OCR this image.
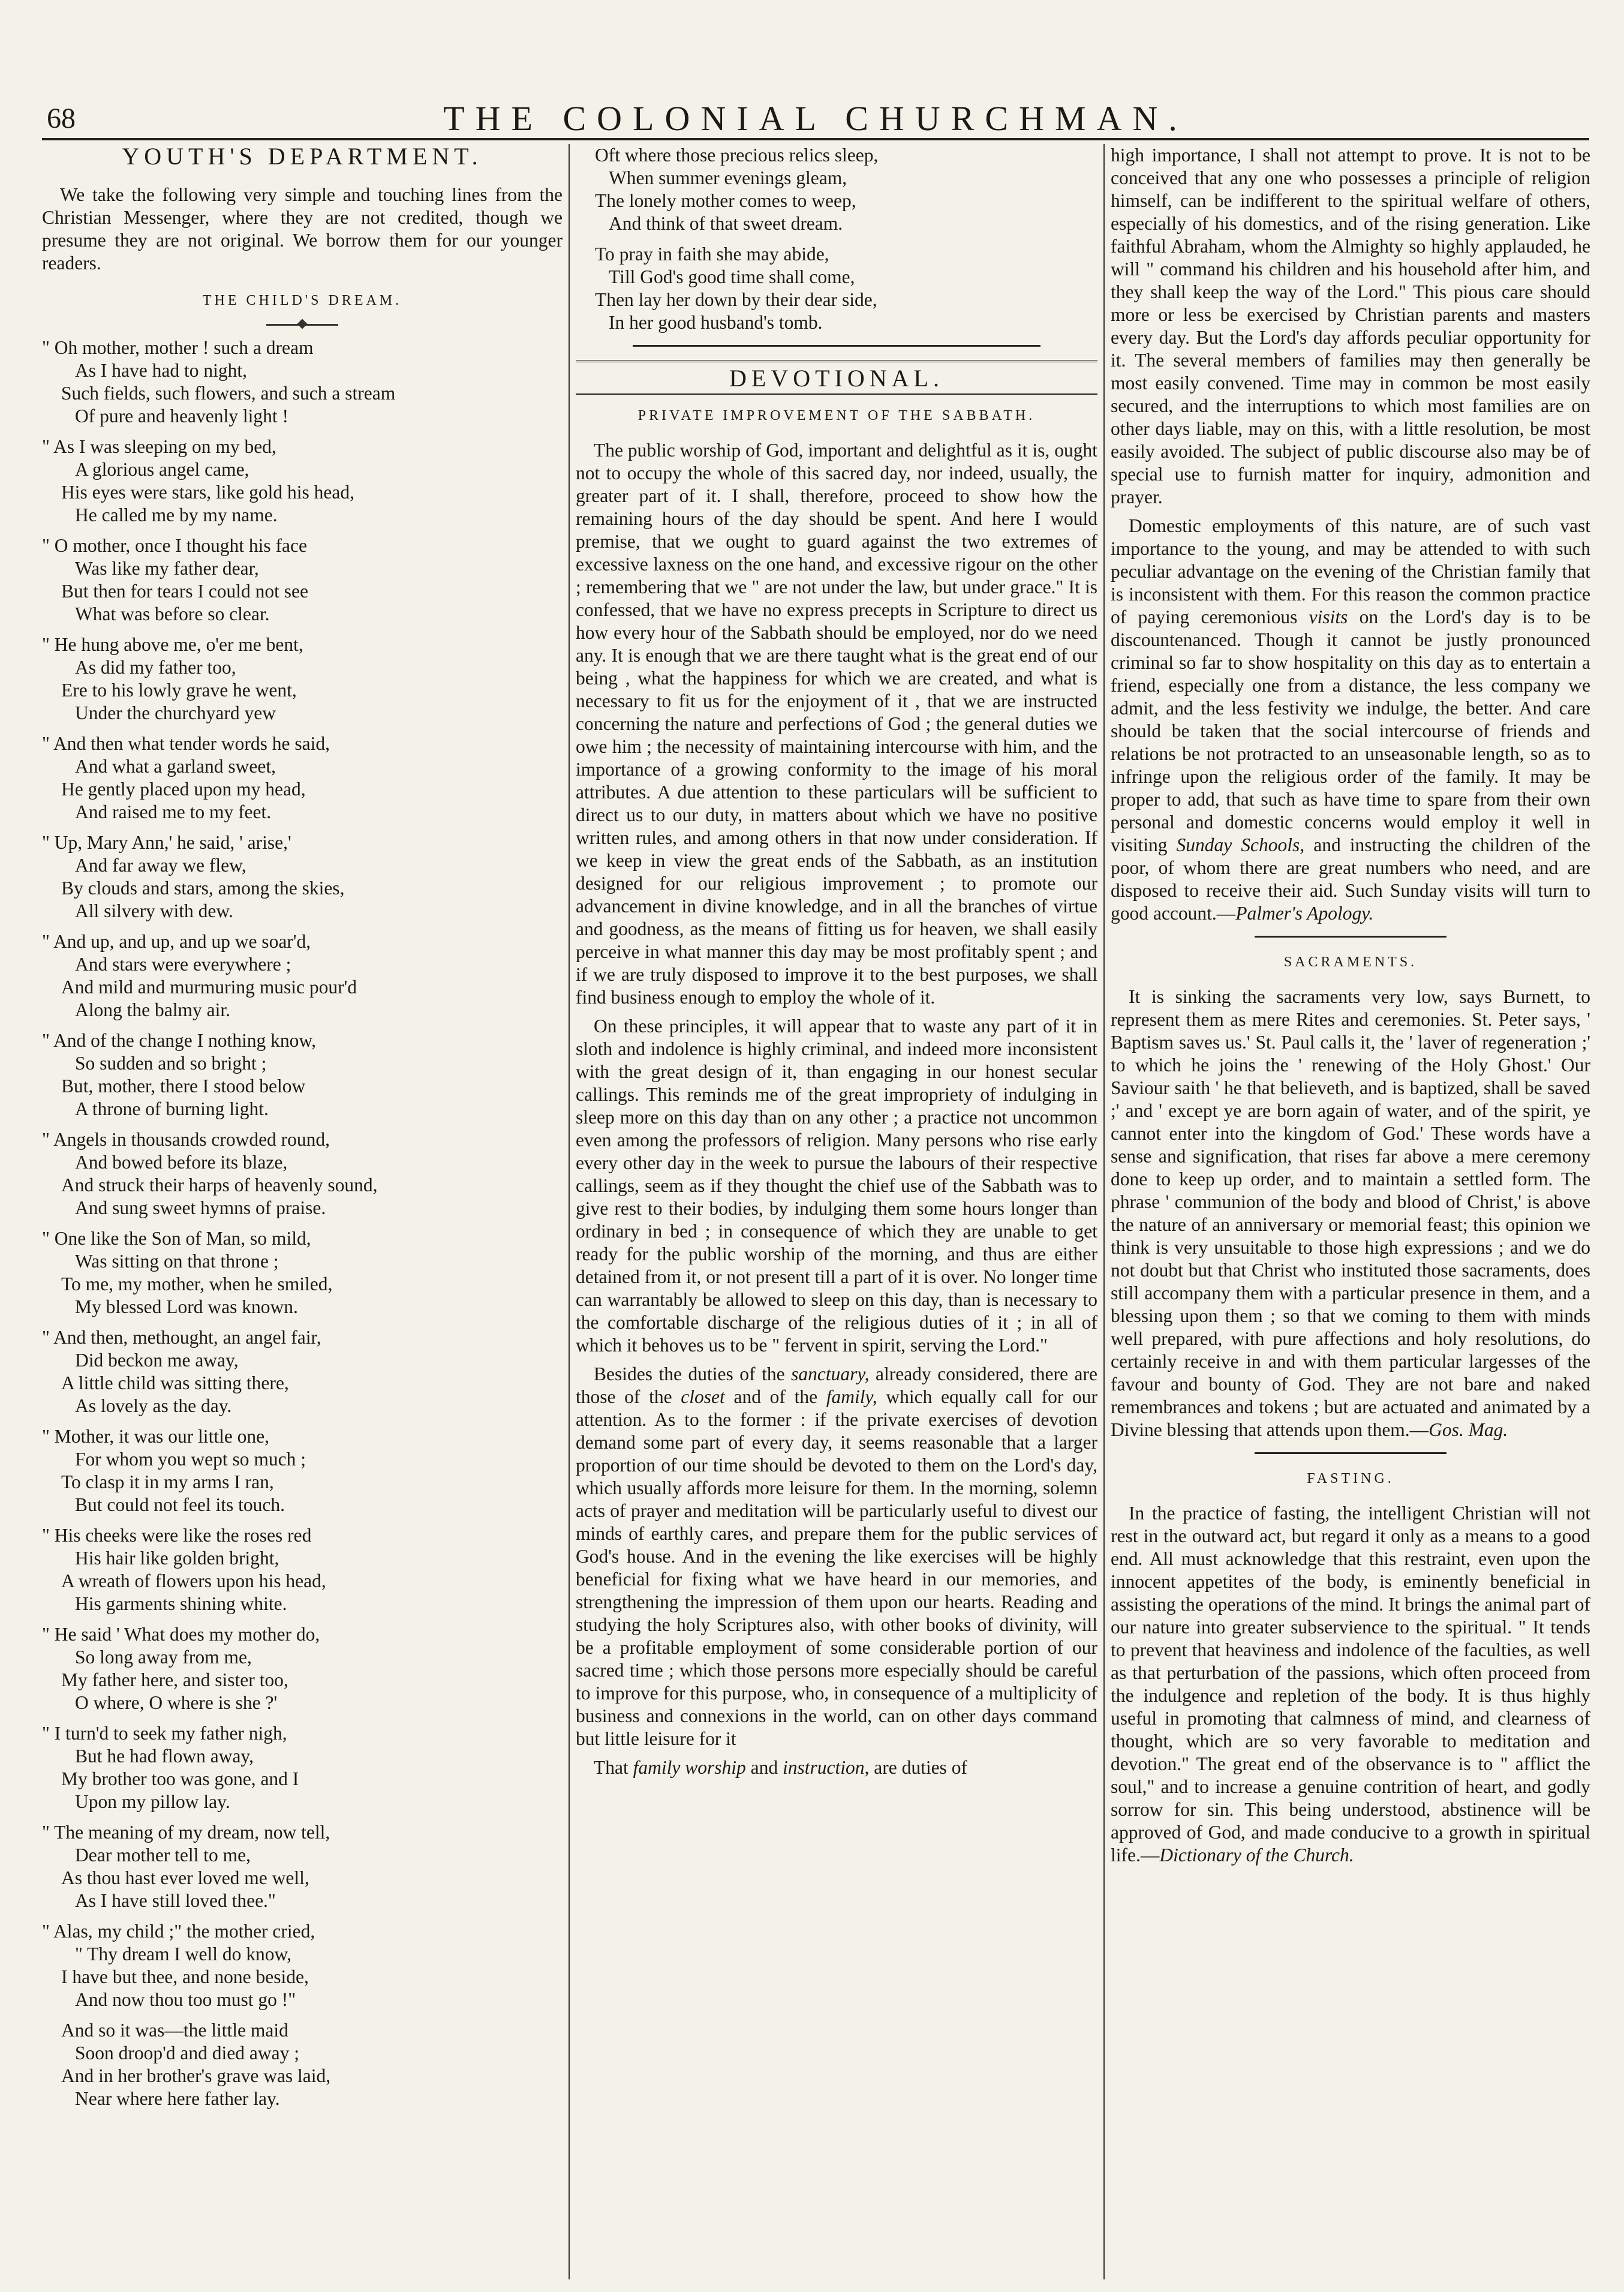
68	THE COLONIAL CHURCHMAN.
YOUTH'S DEPARTMENT.

We take the following very simple and touching lines from the Christian Messenger, where they are not credited, though we presume they are not original. We borrow them for our younger readers.

THE CHILD'S DREAM.
" Oh mother, mother ! such a dream
As I have had to night,
Such fields, such flowers, and such a stream
Of pure and heavenly light !
" As I was sleeping on my bed,
A glorious angel came,
His eyes were stars, like gold his head,
He called me by my name.
" O mother, once I thought his face
Was like my father dear,
But then for tears I could not see
What was before so clear.
" He hung above me, o'er me bent,
As did my father too,
Ere to his lowly grave he went,
Under the churchyard yew
" And then what tender words he said,
And what a garland sweet,
He gently placed upon my head,
And raised me to my feet.
" Up, Mary Ann,' he said, ' arise,'
And far away we flew,
By clouds and stars, among the skies,
All silvery with dew.
" And up, and up, and up we soar'd,
And stars were everywhere ;
And mild and murmuring music pour'd
Along the balmy air.
" And of the change I nothing know,
So sudden and so bright ;
But, mother, there I stood below
A throne of burning light.
" Angels in thousands crowded round,
And bowed before its blaze,
And struck their harps of heavenly sound,
And sung sweet hymns of praise.
" One like the Son of Man, so mild,
Was sitting on that throne ;
To me, my mother, when he smiled,
My blessed Lord was known.
" And then, methought, an angel fair,
Did beckon me away,
A little child was sitting there,
As lovely as the day.
" Mother, it was our little one,
For whom you wept so much ;
To clasp it in my arms I ran,
But could not feel its touch.
" His cheeks were like the roses red
His hair like golden bright,
A wreath of flowers upon his head,
His garments shining white.
" He said ' What does my mother do,
So long away from me,
My father here, and sister too,
O where, O where is she ?'
" I turn'd to seek my father nigh,
But he had flown away,
My brother too was gone, and I
Upon my pillow lay.
" The meaning of my dream, now tell,
Dear mother tell to me,
As thou hast ever loved me well,
As I have still loved thee."
" Alas, my child ;" the mother cried,
" Thy dream I well do know,
I have but thee, and none beside,
And now thou too must go !"
And so it was—the little maid
Soon droop'd and died away ;
And in her brother's grave was laid,
Near where here father lay.
Oft where those precious relics sleep,
When summer evenings gleam,
The lonely mother comes to weep,
And think of that sweet dream.
To pray in faith she may abide,
Till God's good time shall come,
Then lay her down by their dear side,
In her good husband's tomb.
DEVOTIONAL.
PRIVATE IMPROVEMENT OF THE SABBATH.

The public worship of God, important and delightful as it is, ought not to occupy the whole of this sacred day, nor indeed, usually, the greater part of it. I shall, therefore, proceed to show how the remaining hours of the day should be spent. And here I would premise, that we ought to guard against the two extremes of excessive laxness on the one hand, and excessive rigour on the other ; remembering that we " are not under the law, but under grace." It is confessed, that we have no express precepts in Scripture to direct us how every hour of the Sabbath should be employed, nor do we need any. It is enough that we are there taught what is the great end of our being , what the happiness for which we are created, and what is necessary to fit us for the enjoyment of it , that we are instructed concerning the nature and perfections of God ; the general duties we owe him ; the necessity of maintaining intercourse with him, and the importance of a growing conformity to the image of his moral attributes. A due attention to these particulars will be sufficient to direct us to our duty, in matters about which we have no positive written rules, and among others in that now under consideration. If we keep in view the great ends of the Sabbath, as an institution designed for our religious improvement ; to promote our advancement in divine knowledge, and in all the branches of virtue and goodness, as the means of fitting us for heaven, we shall easily perceive in what manner this day may be most profitably spent ; and if we are truly disposed to improve it to the best purposes, we shall find business enough to employ the whole of it.

On these principles, it will appear that to waste any part of it in sloth and indolence is highly criminal, and indeed more inconsistent with the great design of it, than engaging in our honest secular callings. This reminds me of the great impropriety of indulging in sleep more on this day than on any other ; a practice not uncommon even among the professors of religion. Many persons who rise early every other day in the week to pursue the labours of their respective callings, seem as if they thought the chief use of the Sabbath was to give rest to their bodies, by indulging them some hours longer than ordinary in bed ; in consequence of which they are unable to get ready for the public worship of the morning, and thus are either detained from it, or not present till a part of it is over. No longer time can warrantably be allowed to sleep on this day, than is necessary to the comfortable discharge of the religious duties of it ; in all of which it behoves us to be " fervent in spirit, serving the Lord."

Besides the duties of the sanctuary, already considered, there are those of the closet and of the family, which equally call for our attention. As to the former : if the private exercises of devotion demand some part of every day, it seems reasonable that a larger proportion of our time should be devoted to them on the Lord's day, which usually affords more leisure for them. In the morning, solemn acts of prayer and meditation will be particularly useful to divest our minds of earthly cares, and prepare them for the public services of God's house. And in the evening the like exercises will be highly beneficial for fixing what we have heard in our memories, and strengthening the impression of them upon our hearts. Reading and studying the holy Scriptures also, with other books of divinity, will be a profitable employment of some considerable portion of our sacred time ; which those persons more especially should be careful to improve for this purpose, who, in consequence of a multiplicity of business and connexions in the world, can on other days command but little leisure for it

That family worship and instruction, are duties of

high importance, I shall not attempt to prove. It is not to be conceived that any one who possesses a principle of religion himself, can be indifferent to the spiritual welfare of others, especially of his domestics, and of the rising generation. Like faithful Abraham, whom the Almighty so highly applauded, he will " command his children and his household after him, and they shall keep the way of the Lord." This pious care should more or less be exercised by Christian parents and masters every day. But the Lord's day affords peculiar opportunity for it. The several members of families may then generally be most easily convened. Time may in common be most easily secured, and the interruptions to which most families are on other days liable, may on this, with a little resolution, be most easily avoided. The subject of public discourse also may be of special use to furnish matter for inquiry, admonition and prayer.

Domestic employments of this nature, are of such vast importance to the young, and may be attended to with such peculiar advantage on the evening of the Christian family that is inconsistent with them. For this reason the common practice of paying ceremonious visits on the Lord's day is to be discountenanced. Though it cannot be justly pronounced criminal so far to show hospitality on this day as to entertain a friend, especially one from a distance, the less company we admit, and the less festivity we indulge, the better. And care should be taken that the social intercourse of friends and relations be not protracted to an unseasonable length, so as to infringe upon the religious order of the family. It may be proper to add, that such as have time to spare from their own personal and domestic concerns would employ it well in visiting Sunday Schools, and instructing the children of the poor, of whom there are great numbers who need, and are disposed to receive their aid. Such Sunday visits will turn to good account.—Palmer's Apology.

SACRAMENTS.

It is sinking the sacraments very low, says Burnett, to represent them as mere Rites and ceremonies. St. Peter says, ' Baptism saves us.' St. Paul calls it, the ' laver of regeneration ;' to which he joins the ' renewing of the Holy Ghost.' Our Saviour saith ' he that believeth, and is baptized, shall be saved ;' and ' except ye are born again of water, and of the spirit, ye cannot enter into the kingdom of God.' These words have a sense and signification, that rises far above a mere ceremony done to keep up order, and to maintain a settled form. The phrase ' communion of the body and blood of Christ,' is above the nature of an anniversary or memorial feast; this opinion we think is very unsuitable to those high expressions ; and we do not doubt but that Christ who instituted those sacraments, does still accompany them with a particular presence in them, and a blessing upon them ; so that we coming to them with minds well prepared, with pure affections and holy resolutions, do certainly receive in and with them particular largesses of the favour and bounty of God. They are not bare and naked remembrances and tokens ; but are actuated and animated by a Divine blessing that attends upon them.—Gos. Mag.

FASTING.

In the practice of fasting, the intelligent Christian will not rest in the outward act, but regard it only as a means to a good end. All must acknowledge that this restraint, even upon the innocent appetites of the body, is eminently beneficial in assisting the operations of the mind. It brings the animal part of our nature into greater subservience to the spiritual. " It tends to prevent that heaviness and indolence of the faculties, as well as that perturbation of the passions, which often proceed from the indulgence and repletion of the body. It is thus highly useful in promoting that calmness of mind, and clearness of thought, which are so very favorable to meditation and devotion." The great end of the observance is to " afflict the soul," and to increase a genuine contrition of heart, and godly sorrow for sin. This being understood, abstinence will be approved of God, and made conducive to a growth in spiritual life.—Dictionary of the Church.
